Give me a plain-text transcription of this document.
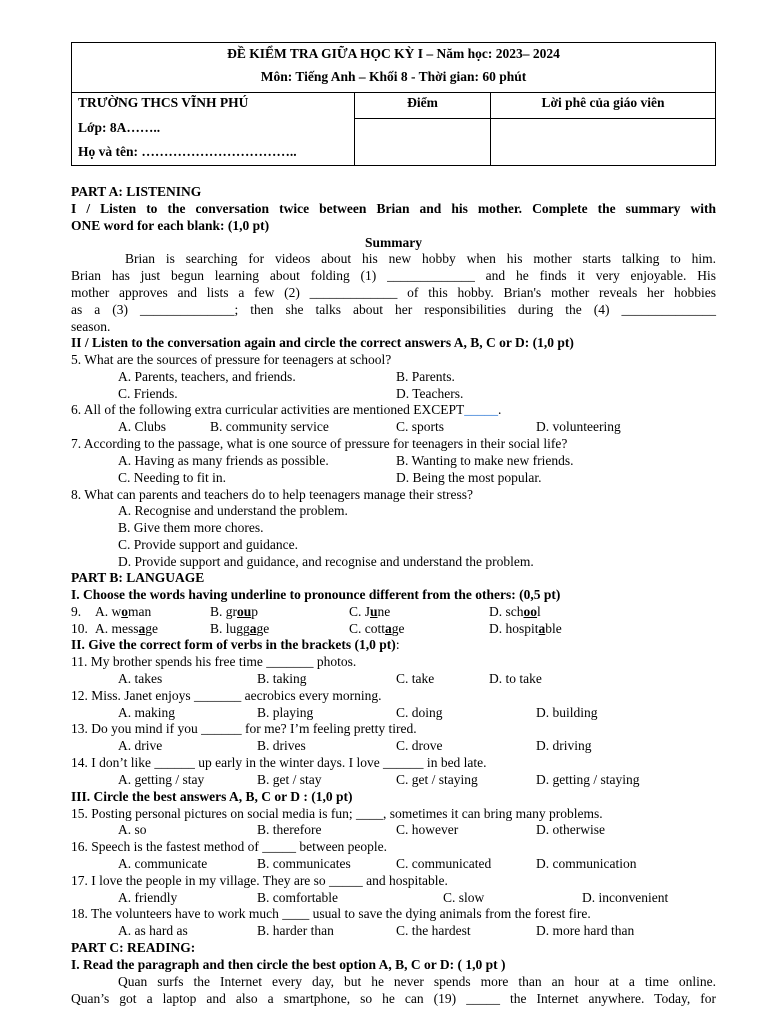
ĐỀ KIỂM TRA GIỮA HỌC KỲ I – Năm học: 2023– 2024
Môn: Tiếng Anh – Khối 8 - Thời gian: 60 phút
TRƯỜNG THCS VĨNH PHÚ
Lớp: 8A……..
Họ và tên: ……………………………..
Điểm	Lời phê của giáo viên
PART A: LISTENING
I / Listen to the conversation twice between Brian and his mother. Complete the summary with
ONE word for each blank: (1,0 pt)
Summary
Brian is searching for videos about his new hobby when his mother starts talking to him.
Brian has just begun learning about folding (1) _____________ and he finds it very enjoyable. His
mother approves and lists a few (2) _____________ of this hobby. Brian's mother reveals her hobbies
as a (3) ______________; then she talks about her responsibilities during the (4) ______________
season.
II / Listen to the conversation again and circle the correct answers A, B, C or D: (1,0 pt)
5. What are the sources of pressure for teenagers at school?
A. Parents, teachers, and friends.	B. Parents.
C. Friends.	D. Teachers.
6. All of the following extra curricular activities are mentioned EXCEPT_____.
A. Clubs	B. community service	C. sports	D. volunteering
7. According to the passage, what is one source of pressure for teenagers in their social life?
A. Having as many friends as possible.	B. Wanting to make new friends.
C. Needing to fit in.	D. Being the most popular.
8. What can parents and teachers do to help teenagers manage their stress?
A. Recognise and understand the problem.
B. Give them more chores.
C. Provide support and guidance.
D. Provide support and guidance, and recognise and understand the problem.
PART B: LANGUAGE
I. Choose the words having underline to pronounce different from the others: (0,5 pt)
9. A. woman	B. group	C. June	D. school
10. A. message	B. luggage	C. cottage	D. hospitable
II. Give the correct form of verbs in the brackets (1,0 pt):
11. My brother spends his free time _______ photos.
A. takes	B. taking	C. take	D. to take
12. Miss. Janet enjoys _______ aecrobics every morning.
A. making	B. playing	C. doing	D. building
13. Do you mind if you ______ for me? I’m feeling pretty tired.
A. drive	B. drives	C. drove	D. driving
14. I don’t like ______ up early in the winter days. I love ______ in bed late.
A. getting / stay	B. get / stay	C. get / staying	D. getting / staying
III. Circle the best answers A, B, C or D : (1,0 pt)
15. Posting personal pictures on social media is fun; ____, sometimes it can bring many problems.
A. so	B. therefore	C. however	D. otherwise
16. Speech is the fastest method of _____ between people.
A. communicate	B. communicates	C. communicated	D. communication
17. I love the people in my village. They are so _____ and hospitable.
A. friendly	B. comfortable	C. slow	D. inconvenient
18. The volunteers have to work much ____ usual to save the dying animals from the forest fire.
A. as hard as	B. harder than	C. the hardest	D. more hard than
PART C: READING:
I. Read the paragraph and then circle the best option A, B, C or D: ( 1,0 pt )
Quan surfs the Internet every day, but he never spends more than an hour at a time online.
Quan’s got a laptop and also a smartphone, so he can (19) _____ the Internet anywhere. Today, for
